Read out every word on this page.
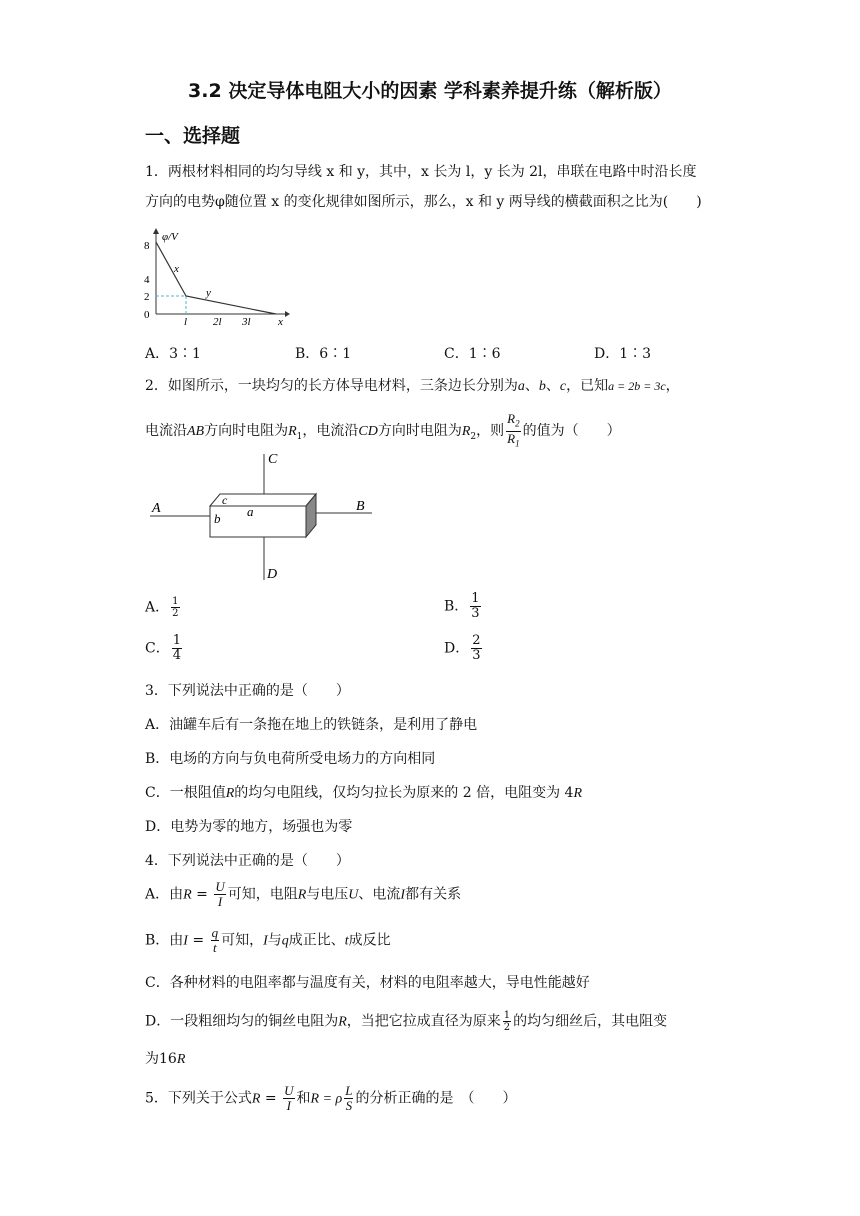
3.2 决定导体电阻大小的因素 学科素养提升练（解析版）
一、选择题
1．两根材料相同的均匀导线 x 和 y，其中，x 长为 l，y 长为 2l，串联在电路中时沿长度
方向的电势φ随位置 x 的变化规律如图所示，那么，x 和 y 两导线的横截面积之比为(　　)
φ/V
8
4
2
0
l 2l 3l x
x
y
A．3∶1	B．6∶1	C．1∶6	D．1∶3
2．如图所示，一块均匀的长方体导电材料，三条边长分别为a、b、c，已知a = 2b = 3c，
电流沿AB方向时电阻为$R_1$，电流沿CD方向时电阻为$R_2$，则 $\frac{R_2}{R_1}$ 的值为（　　）
A	B
C
D
a
b
c
A． $\frac{1}{2}$	B． $\frac{1}{3}$
C． $\frac{1}{4}$	D． $\frac{2}{3}$
3．下列说法中正确的是（　　）
A．油罐车后有一条拖在地上的铁链条，是利用了静电
B．电场的方向与负电荷所受电场力的方向相同
C．一根阻值R的均匀电阻线，仅均匀拉长为原来的 2 倍，电阻变为 4R
D．电势为零的地方，场强也为零
4．下列说法中正确的是（　　）
A．由$R = \frac{U}{I}$ 可知，电阻R与电压U、电流I都有关系
B．由$I = \frac{q}{t}$ 可知，I与q成正比、t成反比
C．各种材料的电阻率都与温度有关，材料的电阻率越大，导电性能越好
D．一段粗细均匀的铜丝电阻为R，当把它拉成直径为原来 $\frac{1}{2}$ 的均匀细丝后，其电阻变
为16R
5．下列关于公式$R = \frac{U}{I}$ 和R = ρ $\frac{L}{S}$ 的分析正确的是　（　　）
